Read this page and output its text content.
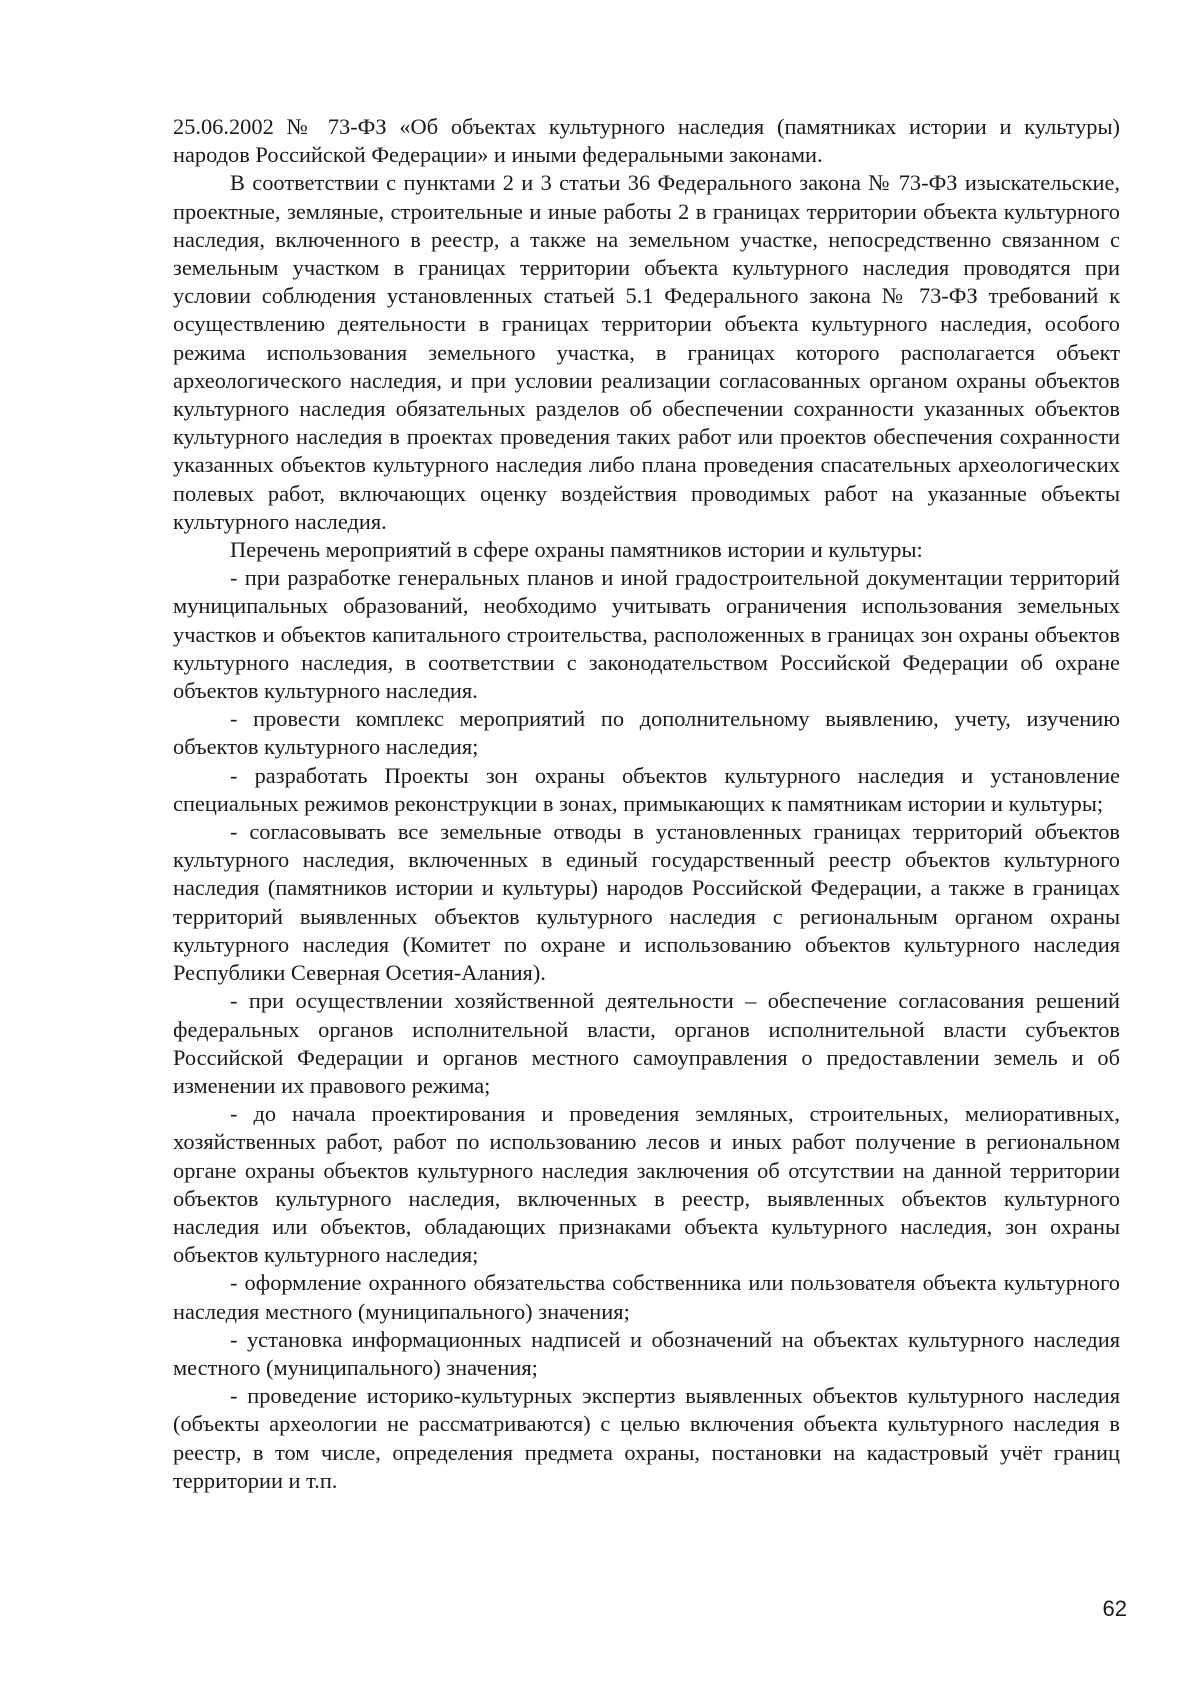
25.06.2002 № 73-ФЗ «Об объектах культурного наследия (памятниках истории и культуры) народов Российской Федерации» и иными федеральными законами.

В соответствии с пунктами 2 и 3 статьи 36 Федерального закона № 73-ФЗ изыскательские, проектные, земляные, строительные и иные работы 2 в границах территории объекта культурного наследия, включенного в реестр, а также на земельном участке, непосредственно связанном с земельным участком в границах территории объекта культурного наследия проводятся при условии соблюдения установленных статьей 5.1 Федерального закона № 73-ФЗ требований к осуществлению деятельности в границах территории объекта культурного наследия, особого режима использования земельного участка, в границах которого располагается объект археологического наследия, и при условии реализации согласованных органом охраны объектов культурного наследия обязательных разделов об обеспечении сохранности указанных объектов культурного наследия в проектах проведения таких работ или проектов обеспечения сохранности указанных объектов культурного наследия либо плана проведения спасательных археологических полевых работ, включающих оценку воздействия проводимых работ на указанные объекты культурного наследия.

Перечень мероприятий в сфере охраны памятников истории и культуры:

- при разработке генеральных планов и иной градостроительной документации территорий муниципальных образований, необходимо учитывать ограничения использования земельных участков и объектов капитального строительства, расположенных в границах зон охраны объектов культурного наследия, в соответствии с законодательством Российской Федерации об охране объектов культурного наследия.

- провести комплекс мероприятий по дополнительному выявлению, учету, изучению объектов культурного наследия;

- разработать Проекты зон охраны объектов культурного наследия и установление специальных режимов реконструкции в зонах, примыкающих к памятникам истории и культуры;

- согласовывать все земельные отводы в установленных границах территорий объектов культурного наследия, включенных в единый государственный реестр объектов культурного наследия (памятников истории и культуры) народов Российской Федерации, а также в границах территорий выявленных объектов культурного наследия с региональным органом охраны культурного наследия (Комитет по охране и использованию объектов культурного наследия Республики Северная Осетия-Алания).

- при осуществлении хозяйственной деятельности – обеспечение согласования решений федеральных органов исполнительной власти, органов исполнительной власти субъектов Российской Федерации и органов местного самоуправления о предоставлении земель и об изменении их правового режима;

- до начала проектирования и проведения земляных, строительных, мелиоративных, хозяйственных работ, работ по использованию лесов и иных работ получение в региональном органе охраны объектов культурного наследия заключения об отсутствии на данной территории объектов культурного наследия, включенных в реестр, выявленных объектов культурного наследия или объектов, обладающих признаками объекта культурного наследия, зон охраны объектов культурного наследия;

- оформление охранного обязательства собственника или пользователя объекта культурного наследия местного (муниципального) значения;

- установка информационных надписей и обозначений на объектах культурного наследия местного (муниципального) значения;

- проведение историко-культурных экспертиз выявленных объектов культурного наследия (объекты археологии не рассматриваются) с целью включения объекта культурного наследия в реестр, в том числе, определения предмета охраны, постановки на кадастровый учёт границ территории и т.п.

62
